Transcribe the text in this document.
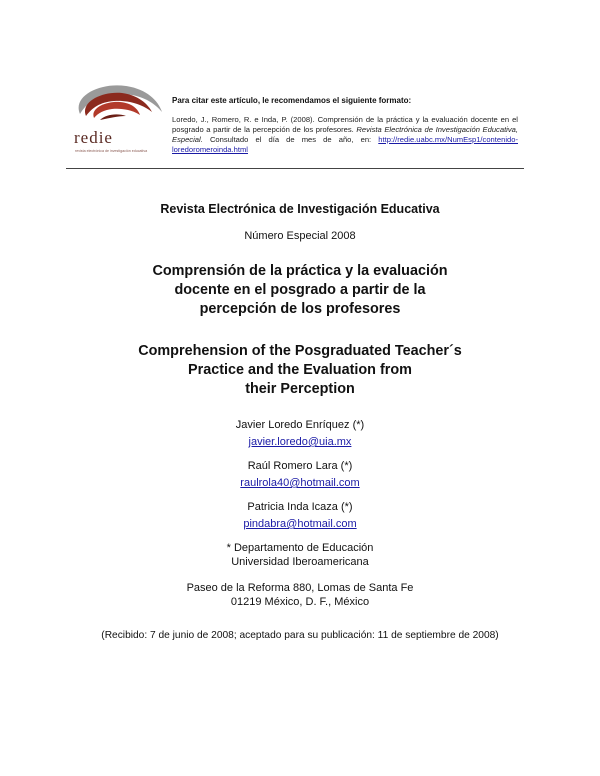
redie
revista electrónica de investigación educativa
Para citar este artículo, le recomendamos el siguiente formato:
Loredo, J., Romero, R. e Inda, P. (2008). Comprensión de la práctica y la evaluación docente en el posgrado a partir de la percepción de los profesores. Revista Electrónica de Investigación Educativa, Especial. Consultado el día de mes de año, en: http://redie.uabc.mx/NumEsp1/contenido-loredoromeroinda.html
Revista Electrónica de Investigación Educativa
Número Especial 2008
Comprensión de la práctica y la evaluación
docente en el posgrado a partir de la
percepción de los profesores
Comprehension of the Posgraduated Teacher´s
Practice and the Evaluation from
their Perception
Javier Loredo Enríquez (*)
javier.loredo@uia.mx
Raúl Romero Lara (*)
raulrola40@hotmail.com
Patricia Inda Icaza (*)
pindabra@hotmail.com
* Departamento de Educación
Universidad Iberoamericana
Paseo de la Reforma 880, Lomas de Santa Fe
01219 México, D. F., México
(Recibido: 7 de junio de 2008; aceptado para su publicación: 11 de septiembre de 2008)
